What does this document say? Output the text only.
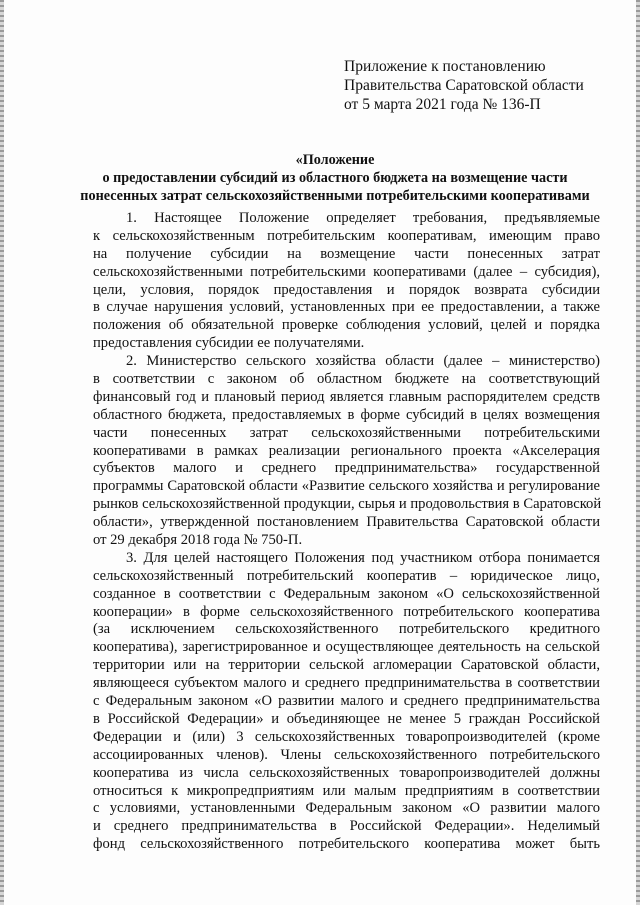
Приложение к постановлению
Правительства Саратовской области
от 5 марта 2021 года № 136-П
«Положение
о предоставлении субсидий из областного бюджета на возмещение части
понесенных затрат сельскохозяйственными потребительскими кооперативами
1. Настоящее Положение определяет требования, предъявляемые
к сельскохозяйственным потребительским кооперативам, имеющим право
на получение субсидии на возмещение части понесенных затрат
сельскохозяйственными потребительскими кооперативами (далее – субсидия),
цели, условия, порядок предоставления и порядок возврата субсидии
в случае нарушения условий, установленных при ее предоставлении, а также
положения об обязательной проверке соблюдения условий, целей и порядка
предоставления субсидии ее получателями.
2. Министерство сельского хозяйства области (далее – министерство)
в соответствии с законом об областном бюджете на соответствующий
финансовый год и плановый период является главным распорядителем средств
областного бюджета, предоставляемых в форме субсидий в целях возмещения
части понесенных затрат сельскохозяйственными потребительскими
кооперативами в рамках реализации регионального проекта «Акселерация
субъектов малого и среднего предпринимательства» государственной
программы Саратовской области «Развитие сельского хозяйства и регулирование
рынков сельскохозяйственной продукции, сырья и продовольствия в Саратовской
области», утвержденной постановлением Правительства Саратовской области
от 29 декабря 2018 года № 750-П.
3. Для целей настоящего Положения под участником отбора понимается
сельскохозяйственный потребительский кооператив – юридическое лицо,
созданное в соответствии с Федеральным законом «О сельскохозяйственной
кооперации» в форме сельскохозяйственного потребительского кооператива
(за исключением сельскохозяйственного потребительского кредитного
кооператива), зарегистрированное и осуществляющее деятельность на сельской
территории или на территории сельской агломерации Саратовской области,
являющееся субъектом малого и среднего предпринимательства в соответствии
с Федеральным законом «О развитии малого и среднего предпринимательства
в Российской Федерации» и объединяющее не менее 5 граждан Российской
Федерации и (или) 3 сельскохозяйственных товаропроизводителей (кроме
ассоциированных членов). Члены сельскохозяйственного потребительского
кооператива из числа сельскохозяйственных товаропроизводителей должны
относиться к микропредприятиям или малым предприятиям в соответствии
с условиями, установленными Федеральным законом «О развитии малого
и среднего предпринимательства в Российской Федерации». Неделимый
фонд сельскохозяйственного потребительского кооператива может быть
